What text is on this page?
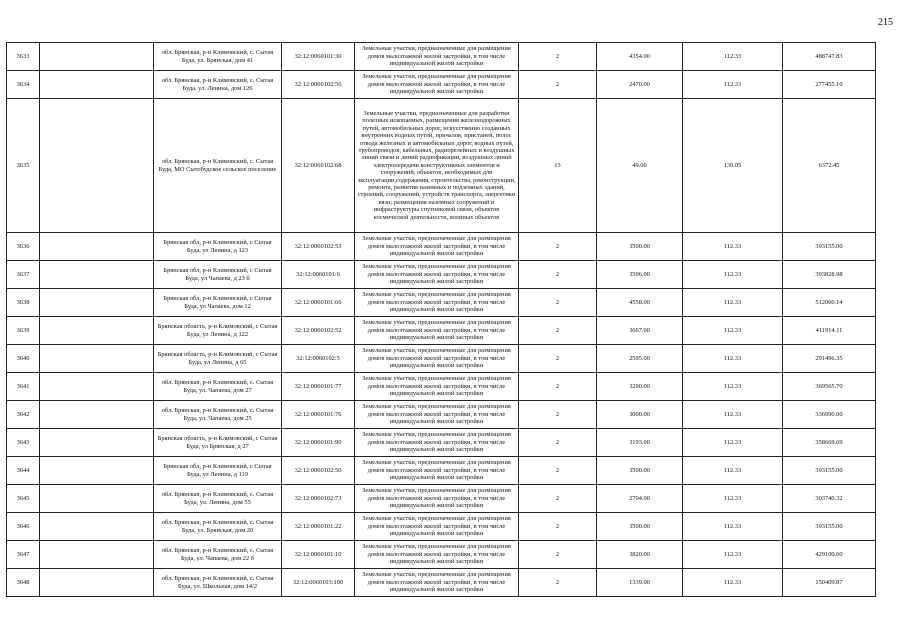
215
3633		обл. Брянская, р-н Климовский, с. Сытая Буда, ул. Брянская, дом 41	32:12:0060101:30	Земельные участки, предназначенные для размещения домов малоэтажной жилой застройки, в том числе индивидуальной жилой застройки	2	4354.00	112.33	488747.83
3634		обл. Брянская, р-н Климовский, с. Сытая Буда, ул. Ленина, дом 126	32:12:0060102:56	Земельные участки, предназначенные для размещения домов малоэтажной жилой застройки, в том числе индивидуальной жилой застройки	2	2470.00	112.33	277455.10
3635		обл. Брянская, р-н Климовский, с. Сытая Буда, МО Сытобудское сельское поселение	32:12:0060102:68	Земельные участки, предназначенные для разработки полезных ископаемых, размещения железнодорожных путей, автомобильных дорог, искусственно созданных внутренних водных путей, причалов, пристаней, полос отвода железных и автомобильных дорог, водных путей, трубопроводов, кабельных, радиорелейных и воздушных линий связи и линий радиофикации, воздушных линий электропередачи конструктивных элементов и сооружений, объектов, необходимых для эксплуатации,содержания, строительства, реконструкции, ремонта, развития наземных и подземных зданий, строений, сооружений, устройств транспорта, энергетики вязи; размещения наземных сооружений и инфраструктуры спутниковой связи, объектов космической деятельности, военных объектов	13	49.00	130.05	6372.45
3636		Брянская обл, р-н Климовский, с Сытая Буда, ул Ленина, д 123	32:12:0060102:53	Земельные участки, предназначенные для размещения домов малоэтажной жилой застройки, в том числе индивидуальной жилой застройки	2	3500.00	112.33	393155.00
3637		Брянская обл, р-н Климовский, с Сытая Буда, ул Чапаева, д 23 б	32:12:0060101:6	Земельные участки, предназначенные для размещения домов малоэтажной жилой застройки, в том числе индивидуальной жилой застройки	2	3506.00	112.33	393828.98
3638		Брянская обл, р-н Климовский, с Сытая Буда, ул Чапаева, дом 12	32:12:0060101:66	Земельные участки, предназначенные для размещения домов малоэтажной жилой застройки, в том числе индивидуальной жилой застройки	2	4558.00	112.33	512000.14
3639		Брянская область, р-н Климовский, с Сытая Буда, ул Ленина, д 122	32:12:0060102:52	Земельные участки, предназначенные для размещения домов малоэтажной жилой застройки, в том числе индивидуальной жилой застройки	2	3667.00	112.33	411914.11
3640		Брянская область, р-н Климовский, с Сытая Буда, ул Ленина, д 65	32:12:0060102:5	Земельные участки, предназначенные для размещения домов малоэтажной жилой застройки, в том числе индивидуальной жилой застройки	2	2595.00	112.33	291496.35
3641		обл. Брянская, р-н Климовский, с. Сытая Буда, ул. Чапаева, дом 27	32:12:0060101:77	Земельные участки, предназначенные для размещения домов малоэтажной жилой застройки, в том числе индивидуальной жилой застройки	2	3290.00	112.33	369565.70
3642		обл. Брянская, р-н Климовский, с. Сытая Буда, ул. Чапаева, дом 25	32:12:0060101:76	Земельные участки, предназначенные для размещения домов малоэтажной жилой застройки, в том числе индивидуальной жилой застройки	2	3000.00	112.33	336990.00
3643		Брянская область, р-н Климовский, с Сытая Буда, ул Брянская, д 27	32:12:0060101:90	Земельные участки, предназначенные для размещения домов малоэтажной жилой застройки, в том числе индивидуальной жилой застройки	2	3193.00	112.33	358669.69
3644		Брянская обл, р-н Климовский, с Сытая Буда, ул Ленина, д 119	32:12:0060102:50	Земельные участки, предназначенные для размещения домов малоэтажной жилой застройки, в том числе индивидуальной жилой застройки	2	3500.00	112.33	393155.00
3645		обл. Брянская, р-н Климовский, с. Сытая Буда, ул. Ленина, дом 55	32:12:0060102:73	Земельные участки, предназначенные для размещения домов малоэтажной жилой застройки, в том числе индивидуальной жилой застройки	2	2704.00	112.33	303740.32
3646		обл. Брянская, р-н Климовский, с. Сытая Буда, ул. Брянская, дом 20	32:12:0060101:22	Земельные участки, предназначенные для размещения домов малоэтажной жилой застройки, в том числе индивидуальной жилой застройки	2	3500.00	112.33	393155.00
3647		обл. Брянская, р-н Климовский, с. Сытая Буда, ул. Чапаева, дом 22 б	32:12:0060101:10	Земельные участки, предназначенные для размещения домов малоэтажной жилой застройки, в том числе индивидуальной жилой застройки	2	3820.00	112.33	429100.60
3648		обл. Брянская, р-н Климовский, с. Сытая Буда, ул. Школьная, дом 14/2	32:12:0060103:100	Земельные участки, предназначенные для размещения домов малоэтажной жилой застройки, в том числе индивидуальной жилой застройки	2	1339.00	112.33	150409.87
